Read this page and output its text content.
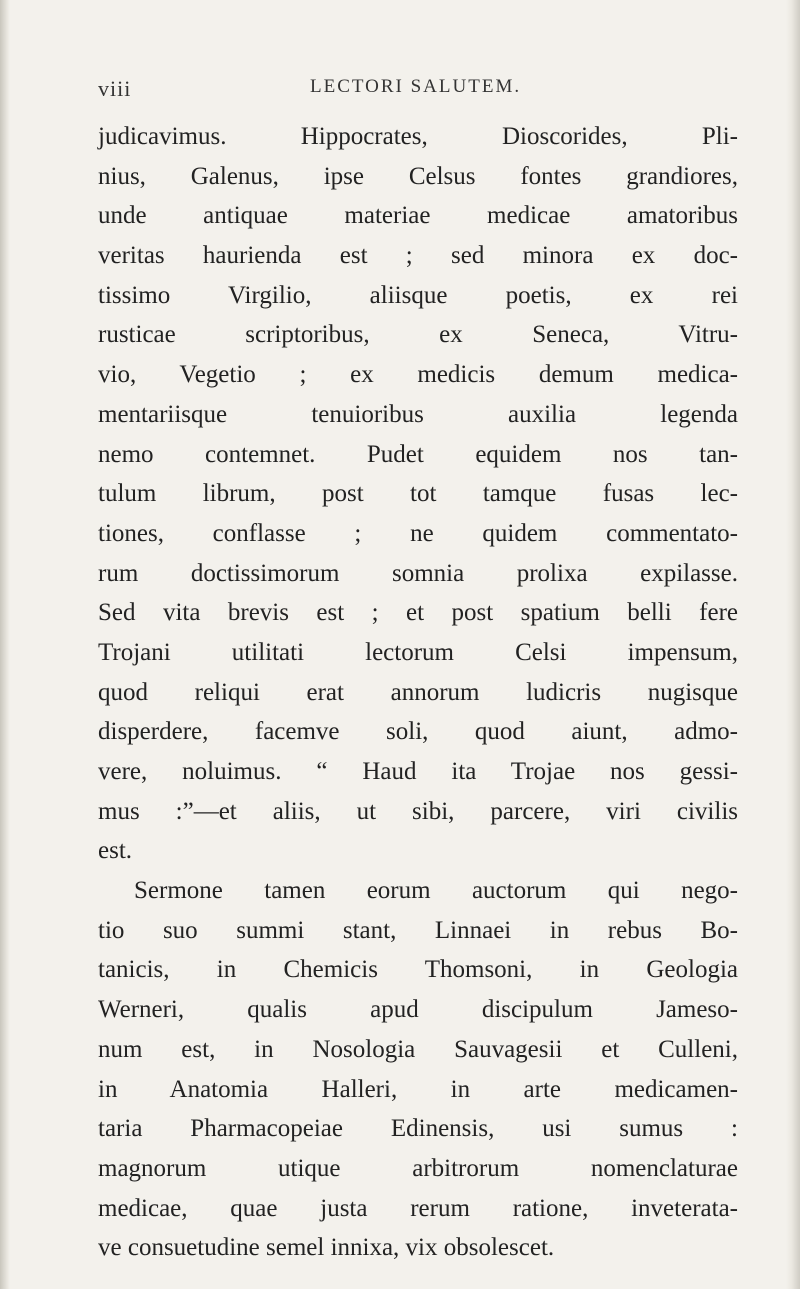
viii	LECTORI SALUTEM.
judicavimus. Hippocrates, Dioscorides, Pli-
nius, Galenus, ipse Celsus fontes grandiores,
unde antiquae materiae medicae amatoribus
veritas haurienda est ; sed minora ex doc-
tissimo Virgilio, aliisque poetis, ex rei
rusticae scriptoribus, ex Seneca, Vitru-
vio, Vegetio ; ex medicis demum medica-
mentariisque tenuioribus auxilia legenda
nemo contemnet. Pudet equidem nos tan-
tulum librum, post tot tamque fusas lec-
tiones, conflasse ; ne quidem commentato-
rum doctissimorum somnia prolixa expilasse.
Sed vita brevis est ; et post spatium belli fere
Trojani utilitati lectorum Celsi impensum,
quod reliqui erat annorum ludicris nugisque
disperdere, facemve soli, quod aiunt, admo-
vere, noluimus. “ Haud ita Trojae nos gessi-
mus :”—et aliis, ut sibi, parcere, viri civilis
est.
Sermone tamen eorum auctorum qui nego-
tio suo summi stant, Linnaei in rebus Bo-
tanicis, in Chemicis Thomsoni, in Geologia
Werneri, qualis apud discipulum Jameso-
num est, in Nosologia Sauvagesii et Culleni,
in Anatomia Halleri, in arte medicamen-
taria Pharmacopeiae Edinensis, usi sumus :
magnorum utique arbitrorum nomenclaturae
medicae, quae justa rerum ratione, inveterata-
ve consuetudine semel innixa, vix obsolescet.
